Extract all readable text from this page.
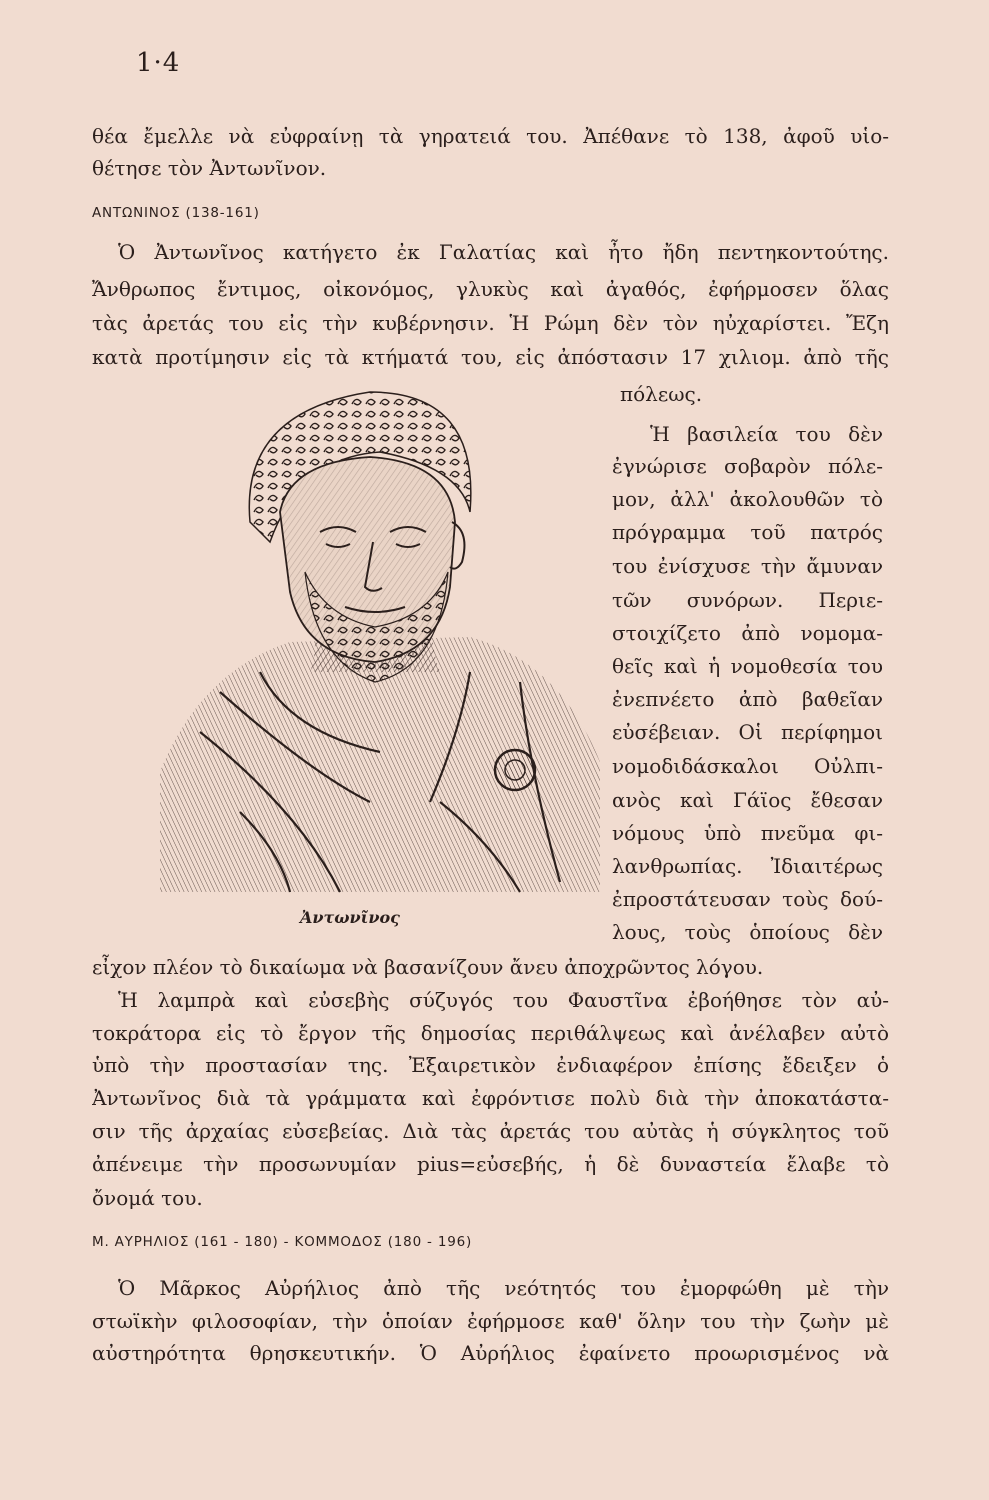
1·4
θέα ἔμελλε νὰ εὐφραίνῃ τὰ γηρατειά του. Ἀπέθανε τὸ 138, ἀφοῦ υἱο-
θέτησε τὸν Ἀντωνῖνον.
ΑΝΤΩΝΙΝΟΣ (138-161)
Ὁ Ἀντωνῖνος κατήγετο ἐκ Γαλατίας καὶ ἦτο ἤδη πεντηκοντούτης.
Ἄνθρωπος ἔντιμος, οἰκονόμος, γλυκὺς καὶ ἀγαθός, ἐφήρμοσεν ὅλας
τὰς ἀρετάς του εἰς τὴν κυβέρνησιν. Ἡ Ρώμη δὲν τὸν ηὐχαρίστει. Ἔζη
κατὰ προτίμησιν εἰς τὰ κτήματά του, εἰς ἀπόστασιν 17 χιλιομ. ἀπὸ τῆς
Ἀντωνῖνος
πόλεως.
Ἡ βασιλεία του δὲν
ἐγνώρισε σοβαρὸν πόλε-
μον, ἀλλ' ἀκολουθῶν τὸ
πρόγραμμα τοῦ πατρός
του ἐνίσχυσε τὴν ἄμυναν
τῶν συνόρων. Περιε-
στοιχίζετο ἀπὸ νομομα-
θεῖς καὶ ἡ νομοθεσία του
ἐνεπνέετο ἀπὸ βαθεῖαν
εὐσέβειαν. Οἱ περίφημοι
νομοδιδάσκαλοι Οὐλπι-
ανὸς καὶ Γάϊος ἔθεσαν
νόμους ὑπὸ πνεῦμα φι-
λανθρωπίας. Ἰδιαιτέρως
ἐπροστάτευσαν τοὺς δού-
λους, τοὺς ὁποίους δὲν
εἶχον πλέον τὸ δικαίωμα νὰ βασανίζουν ἄνευ ἀποχρῶντος λόγου.
Ἡ λαμπρὰ καὶ εὐσεβὴς σύζυγός του Φαυστῖνα ἐβοήθησε τὸν αὐ-
τοκράτορα εἰς τὸ ἔργον τῆς δημοσίας περιθάλψεως καὶ ἀνέλαβεν αὐτὸ
ὑπὸ τὴν προστασίαν της. Ἐξαιρετικὸν ἐνδιαφέρον ἐπίσης ἔδειξεν ὁ
Ἀντωνῖνος διὰ τὰ γράμματα καὶ ἐφρόντισε πολὺ διὰ τὴν ἀποκατάστα-
σιν τῆς ἀρχαίας εὐσεβείας. Διὰ τὰς ἀρετάς του αὐτὰς ἡ σύγκλητος τοῦ
ἀπένειμε τὴν προσωνυμίαν pius=εὐσεβής, ἡ δὲ δυναστεία ἔλαβε τὸ
ὄνομά του.
Μ. ΑΥΡΗΛΙΟΣ (161 - 180) - ΚΟΜΜΟΔΟΣ (180 - 196)
Ὁ Μᾶρκος Αὐρήλιος ἀπὸ τῆς νεότητός του ἐμορφώθη μὲ τὴν
στωϊκὴν φιλοσοφίαν, τὴν ὁποίαν ἐφήρμοσε καθ' ὅλην του τὴν ζωὴν μὲ
αὐστηρότητα θρησκευτικήν. Ὁ Αὐρήλιος ἐφαίνετο προωρισμένος νὰ
